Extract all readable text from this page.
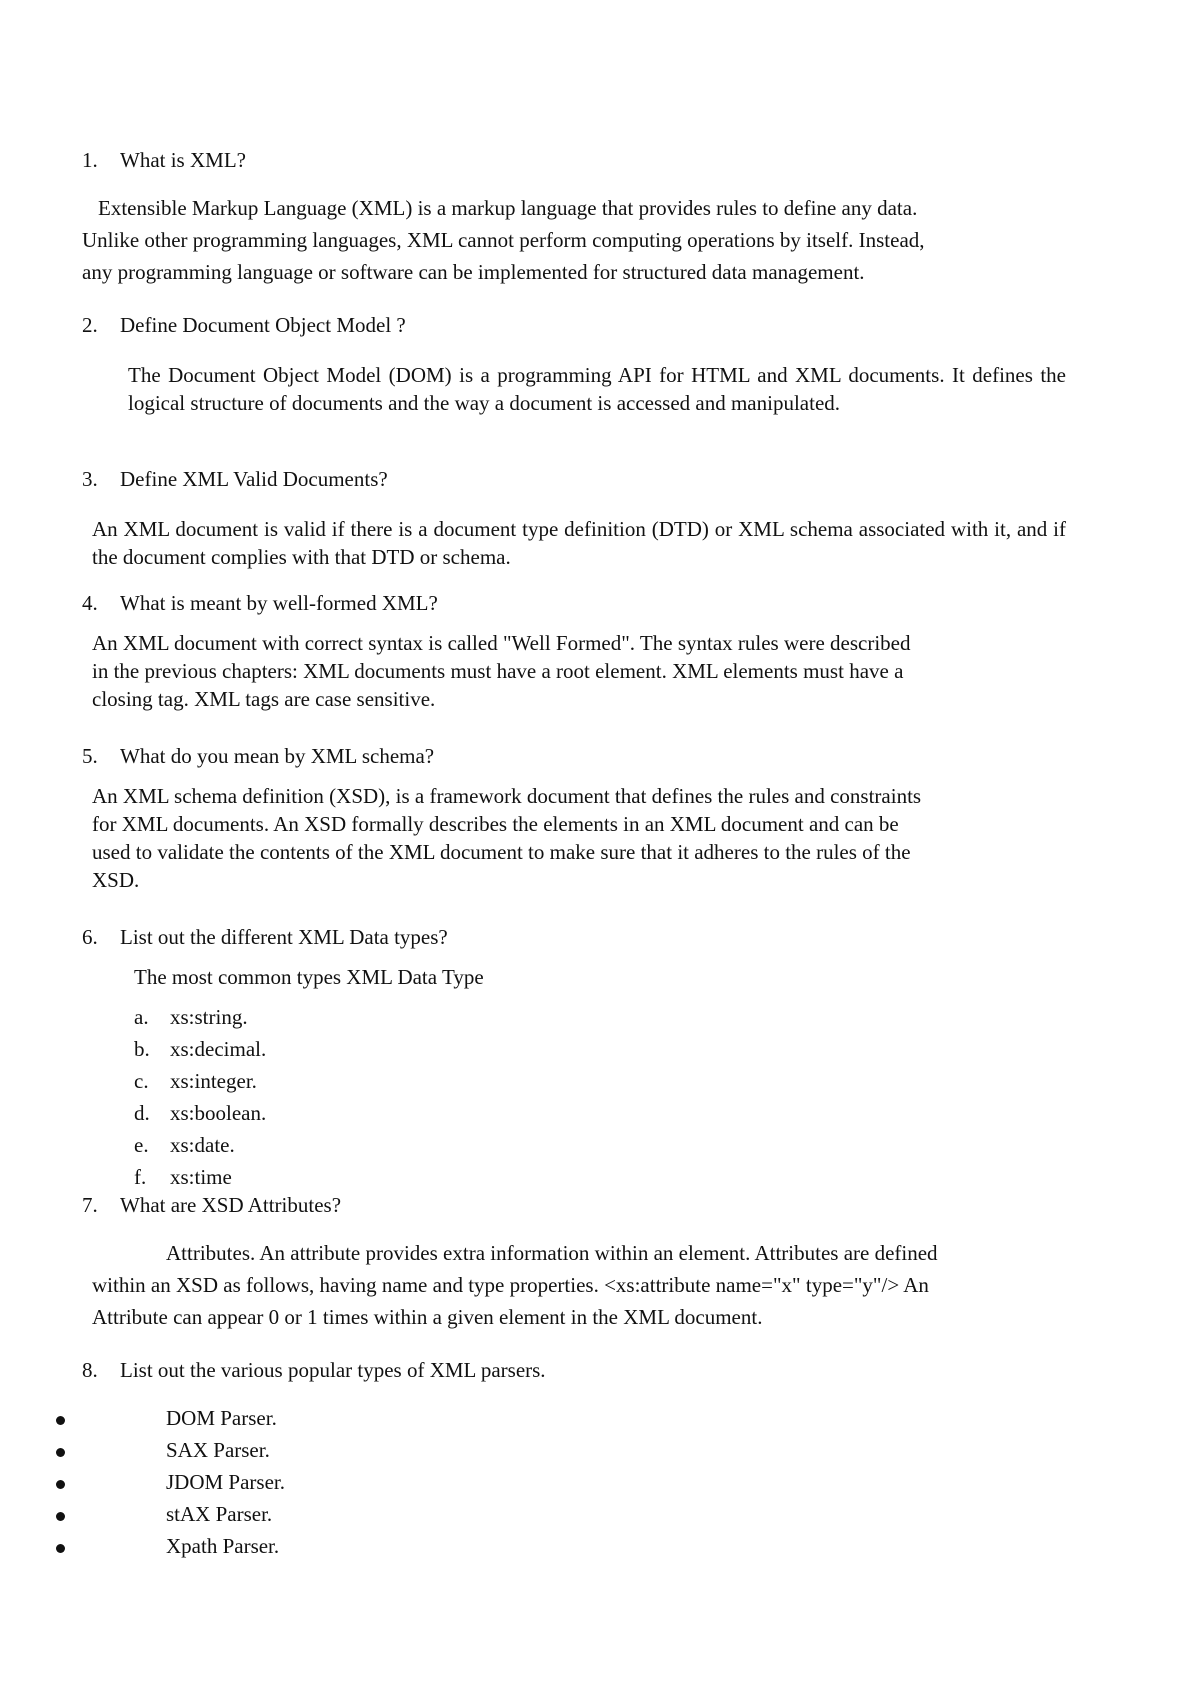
1. What is XML?
Extensible Markup Language (XML) is a markup language that provides rules to define any data.
Unlike other programming languages, XML cannot perform computing operations by itself. Instead,
any programming language or software can be implemented for structured data management.
2. Define Document Object Model ?

The Document Object Model (DOM) is a programming API for HTML and XML documents. It defines the logical structure of documents and the way a document is accessed and manipulated.

3. Define XML Valid Documents?

An XML document is valid if there is a document type definition (DTD) or XML schema associated with it, and if the document complies with that DTD or schema.

4. What is meant by well-formed XML?
An XML document with correct syntax is called "Well Formed". The syntax rules were described
in the previous chapters: XML documents must have a root element. XML elements must have a
closing tag. XML tags are case sensitive.
5. What do you mean by XML schema?
An XML schema definition (XSD), is a framework document that defines the rules and constraints
for XML documents. An XSD formally describes the elements in an XML document and can be
used to validate the contents of the XML document to make sure that it adheres to the rules of the
XSD.
6. List out the different XML Data types?
The most common types XML Data Type
a. xs:string.
b. xs:decimal.
c. xs:integer.
d. xs:boolean.
e. xs:date.
f. xs:time
7. What are XSD Attributes?
Attributes. An attribute provides extra information within an element. Attributes are defined
within an XSD as follows, having name and type properties. <xs:attribute name="x" type="y"/> An
Attribute can appear 0 or 1 times within a given element in the XML document.
8. List out the various popular types of XML parsers.
DOM Parser.
SAX Parser.
JDOM Parser.
stAX Parser.
Xpath Parser.
